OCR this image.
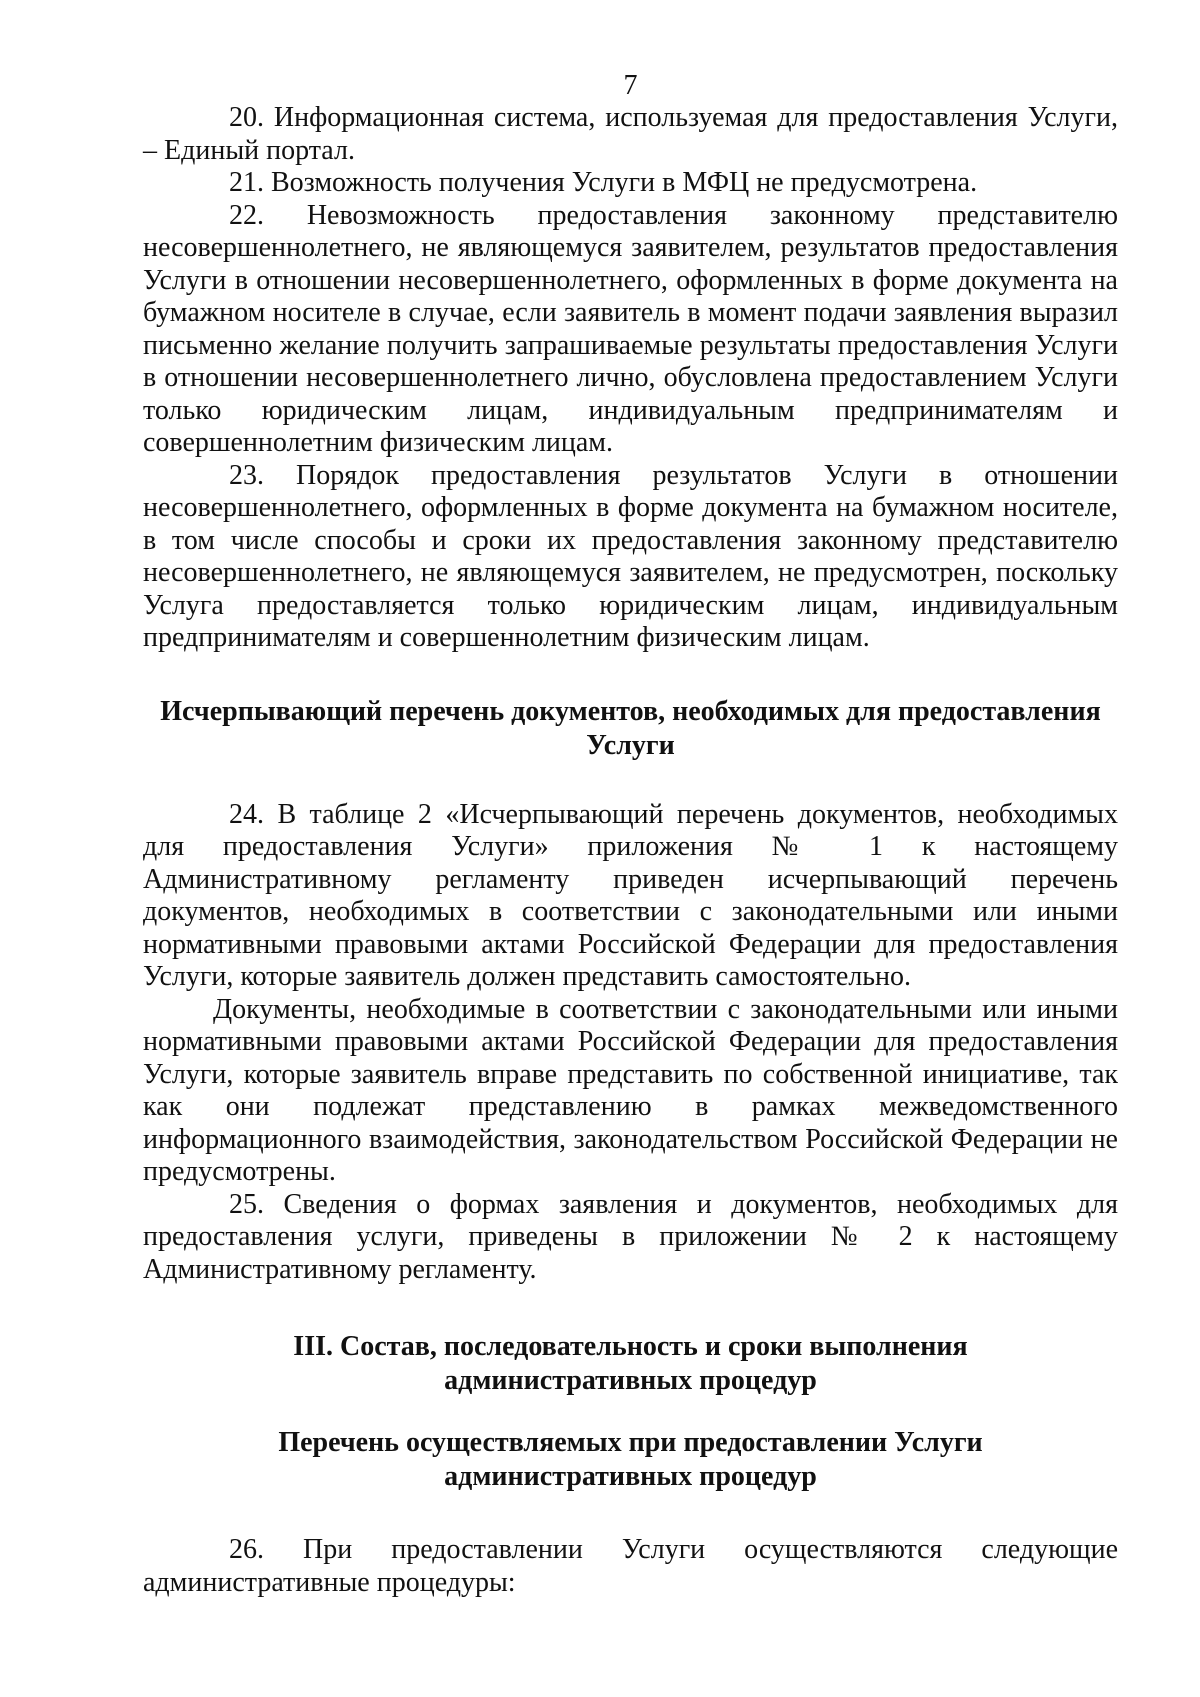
7

20. Информационная система, используемая для предоставления Услуги, – Единый портал.

21. Возможность получения Услуги в МФЦ не предусмотрена.

22. Невозможность предоставления законному представителю несовершеннолетнего, не являющемуся заявителем, результатов предоставления Услуги в отношении несовершеннолетнего, оформленных в форме документа на бумажном носителе в случае, если заявитель в момент подачи заявления выразил письменно желание получить запрашиваемые результаты предоставления Услуги в отношении несовершеннолетнего лично, обусловлена предоставлением Услуги только юридическим лицам, индивидуальным предпринимателям и совершеннолетним физическим лицам.

23. Порядок предоставления результатов Услуги в отношении несовершеннолетнего, оформленных в форме документа на бумажном носителе, в том числе способы и сроки их предоставления законному представителю несовершеннолетнего, не являющемуся заявителем, не предусмотрен, поскольку Услуга предоставляется только юридическим лицам, индивидуальным предпринимателям и совершеннолетним физическим лицам.

Исчерпывающий перечень документов, необходимых для предоставления
Услуги

24. В таблице 2 «Исчерпывающий перечень документов, необходимых для предоставления Услуги» приложения № 1 к настоящему Административному регламенту приведен исчерпывающий перечень документов, необходимых в соответствии с законодательными или иными нормативными правовыми актами Российской Федерации для предоставления Услуги, которые заявитель должен представить самостоятельно.

Документы, необходимые в соответствии с законодательными или иными нормативными правовыми актами Российской Федерации для предоставления Услуги, которые заявитель вправе представить по собственной инициативе, так как они подлежат представлению в рамках межведомственного информационного взаимодействия, законодательством Российской Федерации не предусмотрены.

25. Сведения о формах заявления и документов, необходимых для предоставления услуги, приведены в приложении № 2 к настоящему Административному регламенту.

III. Состав, последовательность и сроки выполнения
административных процедур
Перечень осуществляемых при предоставлении Услуги
административных процедур

26. При предоставлении Услуги осуществляются следующие административные процедуры:
